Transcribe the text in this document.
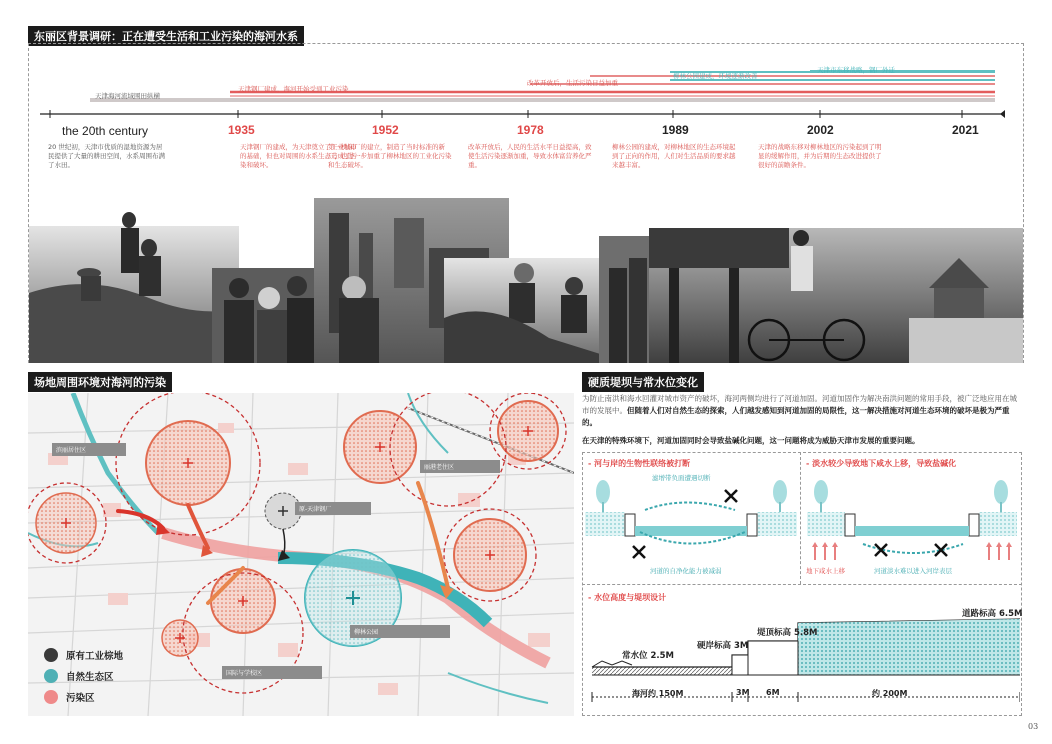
东丽区背景调研：正在遭受生活和工业污染的海河水系
天津海河流域围田纵横
天津钢厂建成，海河开始受到工业污染
改革开放后，生活污染日益加重
柳林公园建成，环境逐渐改善
天津市东移战略，钢厂外迁
the 20th century	1935	1952	1978	1989	2002	2021
20 世纪初，天津市优质的湿地资源为居民提供了大量的耕田空间，水系周围布满了水田。
天津钢厂的建成，为天津奠立了工业城市的基础，但也对周围的水系生态造成了污染和破坏。
第一机床厂的建立，制造了当时标准的新厂，也进一步加重了柳林地区的工业化污染和生态破坏。
改革开放后，人民的生活水平日益提高，致使生活污染逐渐加重，导致水体富营养化严重。
柳林公园的建成，对柳林地区的生态环境起到了正向的作用，人们对生活品质的要求越来越丰富。
天津的战略东移对柳林地区的污染起到了明显的缓解作用，并为后期的生态改进提供了很好的前瞻条件。
场地周围环境对海河的污染
滨丽居住区
原-天津钢厂
丽港老住区
柳林公园
国际与学校区
原有工业棕地
自然生态区
污染区
硬质堤坝与常水位变化
为防止南洪和海水回灌对城市资产的破坏，海河两侧均进行了河道加固。河道加固作为解决南洪问题的常用手段，被广泛地应用在城市的发展中。但随着人们对自然生态的探索，人们越发感知到河道加固的局限性，这一解决措施对河道生态环境的破坏是极为严重的。
在天津的特殊环境下，河道加固同时会导致盐碱化问题，这一问题将成为威胁天津市发展的重要问题。
- 河与岸的生物性联络被打断	- 淡水较少导致地下咸水上移，导致盐碱化
滤增带负面遭遇切断
河道的自净化能力被减弱	地下咸水上移	河道淡水难以进入河岸表层
- 水位高度与堤坝设计
常水位 2.5M
硬岸标高 3M
堤顶标高 5.8M
道路标高 6.5M
海河约 150M	3M 6M	约 200M
03
